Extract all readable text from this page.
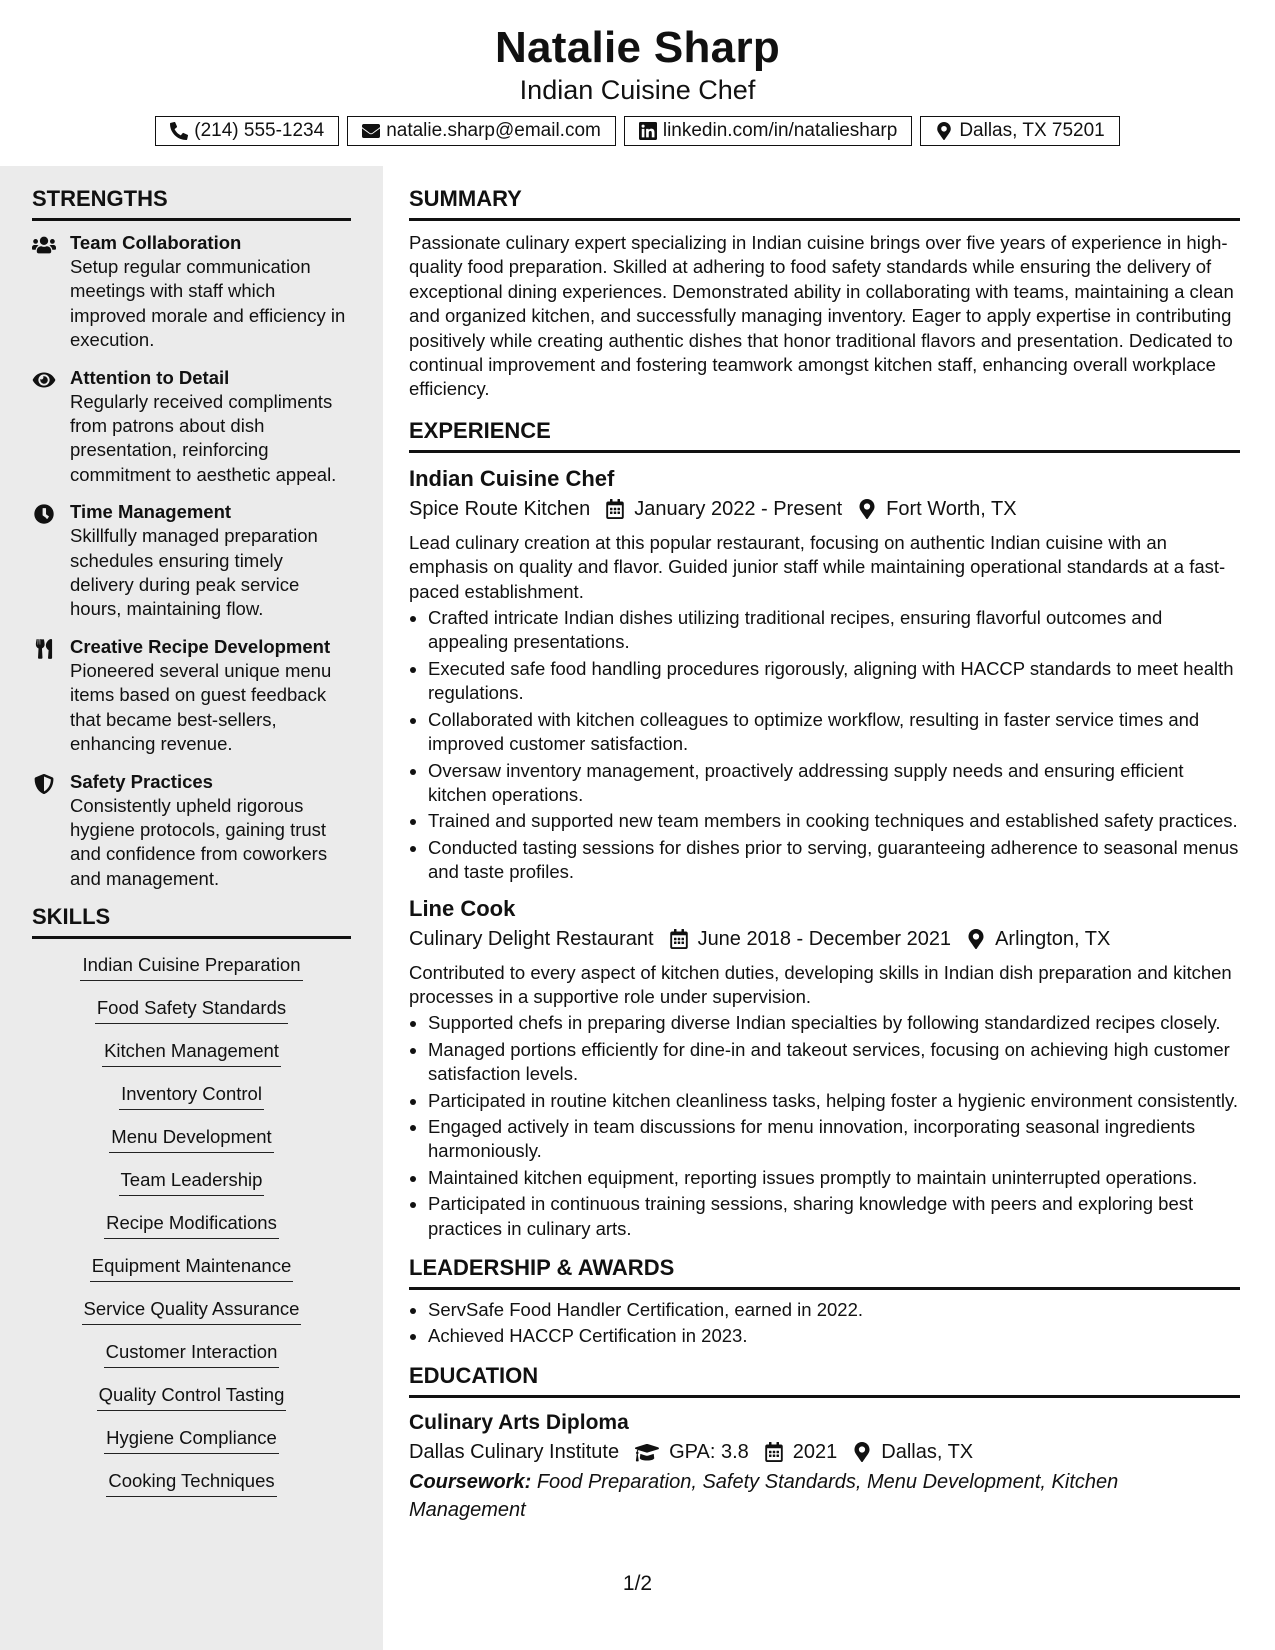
Natalie Sharp
Indian Cuisine Chef
(214) 555-1234	natalie.sharp@email.com	linkedin.com/in/nataliesharp	Dallas, TX 75201
STRENGTHS
Team Collaboration
Setup regular communication meetings with staff which improved morale and efficiency in execution.
Attention to Detail
Regularly received compliments from patrons about dish presentation, reinforcing commitment to aesthetic appeal.
Time Management
Skillfully managed preparation schedules ensuring timely delivery during peak service hours, maintaining flow.
Creative Recipe Development
Pioneered several unique menu items based on guest feedback that became best-sellers, enhancing revenue.
Safety Practices
Consistently upheld rigorous hygiene protocols, gaining trust and confidence from coworkers and management.
SKILLS
Indian Cuisine Preparation
Food Safety Standards
Kitchen Management
Inventory Control
Menu Development
Team Leadership
Recipe Modifications
Equipment Maintenance
Service Quality Assurance
Customer Interaction
Quality Control Tasting
Hygiene Compliance
Cooking Techniques
SUMMARY

Passionate culinary expert specializing in Indian cuisine brings over five years of experience in high-quality food preparation. Skilled at adhering to food safety standards while ensuring the delivery of exceptional dining experiences. Demonstrated ability in collaborating with teams, maintaining a clean and organized kitchen, and successfully managing inventory. Eager to apply expertise in contributing positively while creating authentic dishes that honor traditional flavors and presentation. Dedicated to continual improvement and fostering teamwork amongst kitchen staff, enhancing overall workplace efficiency.

EXPERIENCE
Indian Cuisine Chef
Spice Route Kitchen January 2022 - Present Fort Worth, TX
Lead culinary creation at this popular restaurant, focusing on authentic Indian cuisine with an emphasis on quality and flavor. Guided junior staff while maintaining operational standards at a fast-paced establishment.
• Crafted intricate Indian dishes utilizing traditional recipes, ensuring flavorful outcomes and appealing presentations.
• Executed safe food handling procedures rigorously, aligning with HACCP standards to meet health regulations.
• Collaborated with kitchen colleagues to optimize workflow, resulting in faster service times and improved customer satisfaction.
• Oversaw inventory management, proactively addressing supply needs and ensuring efficient kitchen operations.
• Trained and supported new team members in cooking techniques and established safety practices.
• Conducted tasting sessions for dishes prior to serving, guaranteeing adherence to seasonal menus and taste profiles.
Line Cook
Culinary Delight Restaurant June 2018 - December 2021 Arlington, TX
Contributed to every aspect of kitchen duties, developing skills in Indian dish preparation and kitchen processes in a supportive role under supervision.
• Supported chefs in preparing diverse Indian specialties by following standardized recipes closely.
• Managed portions efficiently for dine-in and takeout services, focusing on achieving high customer satisfaction levels.
• Participated in routine kitchen cleanliness tasks, helping foster a hygienic environment consistently.
• Engaged actively in team discussions for menu innovation, incorporating seasonal ingredients harmoniously.
• Maintained kitchen equipment, reporting issues promptly to maintain uninterrupted operations.
• Participated in continuous training sessions, sharing knowledge with peers and exploring best practices in culinary arts.
LEADERSHIP & AWARDS
• ServSafe Food Handler Certification, earned in 2022.
• Achieved HACCP Certification in 2023.
EDUCATION
Culinary Arts Diploma
Dallas Culinary Institute	GPA: 3.8 2021 Dallas, TX
Coursework: Food Preparation, Safety Standards, Menu Development, Kitchen Management
1/2
